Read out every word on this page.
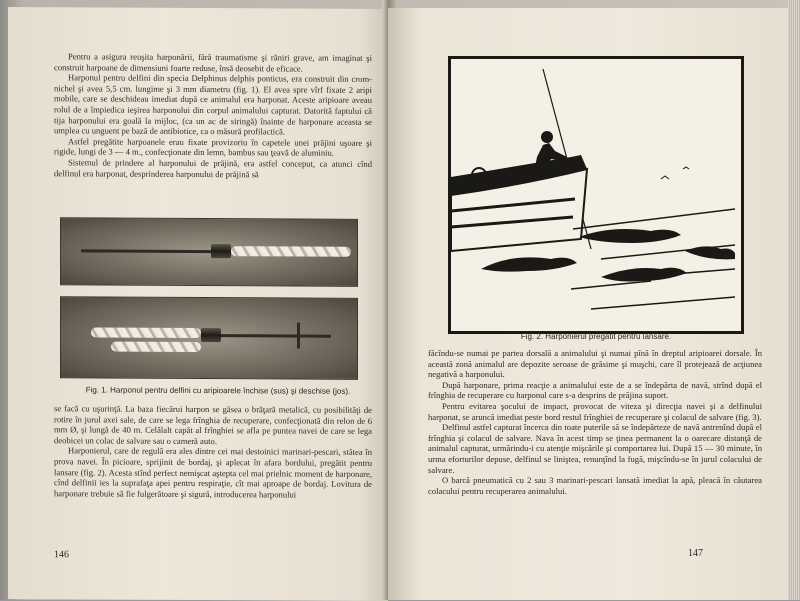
Pentru a asigura reuşita harponării, fără traumatisme şi răniri grave, am imaginat şi construit harpoane de dimensiuni foarte reduse, însă deosebit de eficace.

Harponul pentru delfini din specia Delphinus delphis ponticus, era construit din crom-nichel şi avea 5,5 cm. lungime şi 3 mm diametru (fig. 1). El avea spre vîrf fixate 2 aripi mobile, care se deschideau imediat după ce animalul era harponat. Aceste aripioare aveau rolul de a împiedica ieşirea harponului din corpul animalului capturat. Datorită faptului că tija harponului era goală la mijloc, (ca un ac de siringă) înainte de harponare aceasta se umplea cu unguent pe bază de antibiotice, ca o măsură profilactică.

Astfel pregătite harpoanele erau fixate provizoriu în capetele unei prăjini uşoare şi rigide, lungi de 3 — 4 m., confecţionate din lemn, bambus sau ţeavă de aluminiu.

Sistemul de prindere al harponului de prăjină, era astfel conceput, ca atunci cînd delfinul era harponat, desprinderea harponului de prăjină să

Fig. 1. Harponul pentru delfini cu aripioarele închise (sus) şi deschise (jos).

se facă cu uşurinţă. La baza fiecărui harpon se găsea o brăţară metalică, cu posibilităţi de rotire în jurul axei sale, de care se lega frînghia de recuperare, confecţionată din relon de 6 mm Ø, şi lungă de 40 m. Celălalt capăt al frînghiei se afla pe puntea navei de care se lega deobicei un colac de salvare sau o cameră auto.

Harponierul, care de regulă era ales dintre cei mai destoinici marinari-pescari, stătea în prova navei. În picioare, sprijinit de bordaj, şi aplecat în afara bordului, pregătit pentru lansare (fig. 2). Acesta stînd perfect nemişcat aştepta cel mai prielnic moment de harponare, cînd delfinii ies la suprafaţa apei pentru respiraţie, cît mai aproape de bordaj. Lovitura de harponare trebuie să fie fulgerătoare şi sigură, introducerea harponului

146
Fig. 2. Harponierul pregătit pentru lansare.

făcîndu-se numai pe partea dorsală a animalului şi numai pînă în dreptul aripioarei dorsale. În această zonă animalul are depozite seroase de grăsime şi muşchi, care îl protejează de acţiunea negativă a harponului.

După harponare, prima reacţie a animalului este de a se îndepărta de navă, strînd după el frînghia de recuperare cu harponul care s-a desprins de prăjina suport.

Pentru evitarea şocului de impact, provocat de viteza şi direcţia navei şi a delfinului harponat, se aruncă imediat peste bord restul frînghiei de recuperare şi colacul de salvare (fig. 3).

Delfinul astfel capturat încerca din toate puterile să se îndepărteze de navă antrenînd după el frînghia şi colacul de salvare. Nava în acest timp se ţinea permanent la o oarecare distanţă de animalul capturat, urmărindu-i cu atenţie mişcările şi comportarea lui. După 15 — 30 minute, în urma eforturilor depuse, delfinul se liniştea, renunţînd la fugă, mişcîndu-se în jurul colacului de salvare.

O barcă pneumatică cu 2 sau 3 marinari-pescari lansată imediat la apă, pleacă în căutarea colacului pentru recuperarea animalului.

147
